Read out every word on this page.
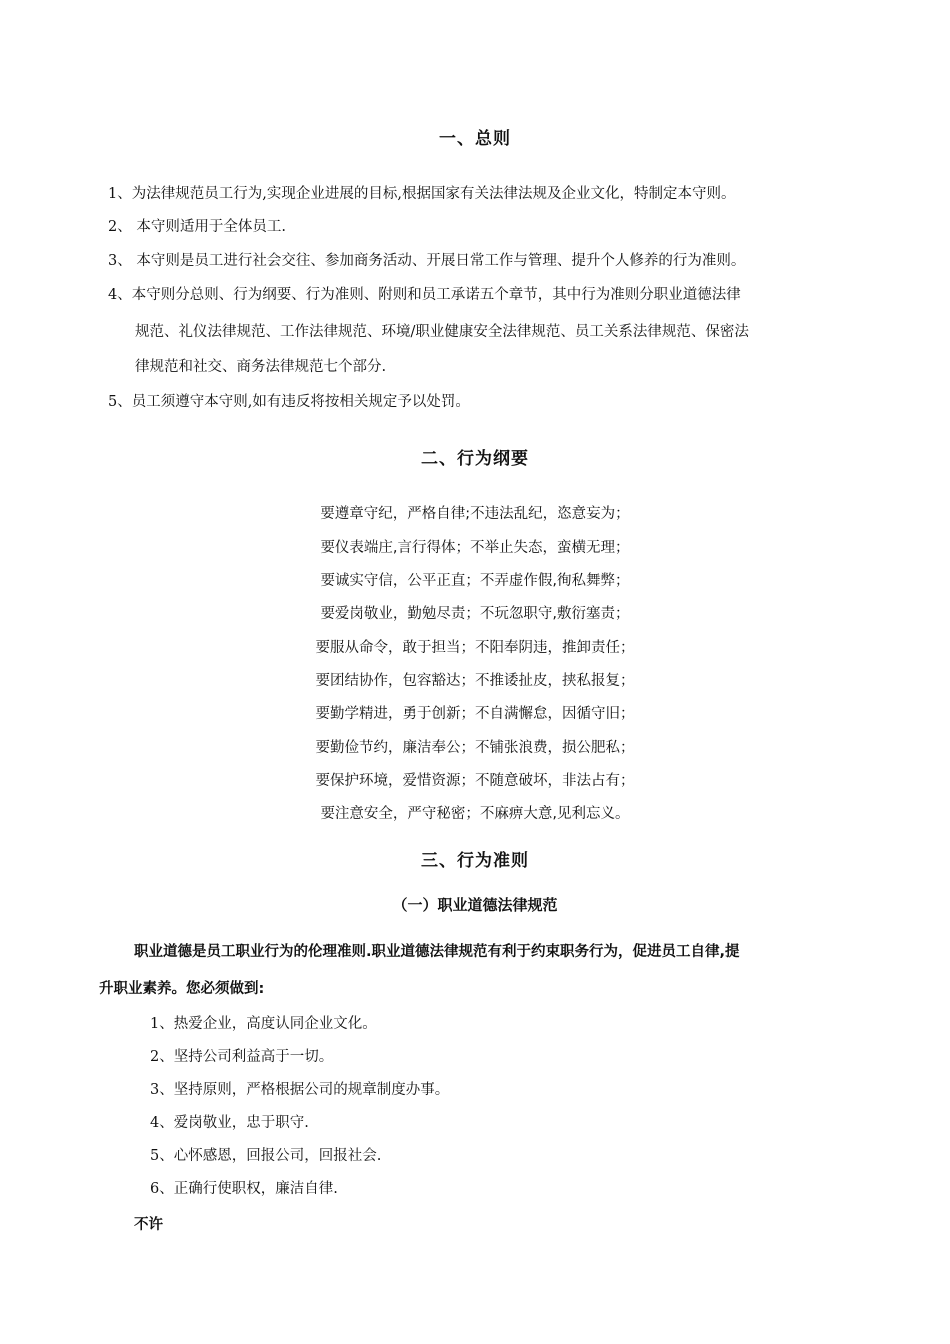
一、总则
1、为法律规范员工行为,实现企业进展的目标,根据国家有关法律法规及企业文化，特制定本守则。
2、 本守则适用于全体员工.
3、 本守则是员工进行社会交往、参加商务活动、开展日常工作与管理、提升个人修养的行为准则。
4、本守则分总则、行为纲要、行为准则、附则和员工承诺五个章节，其中行为准则分职业道德法律
规范、礼仪法律规范、工作法律规范、环境/职业健康安全法律规范、员工关系法律规范、保密法
律规范和社交、商务法律规范七个部分.
5、员工须遵守本守则,如有违反将按相关规定予以处罚。
二、行为纲要
要遵章守纪，严格自律;不违法乱纪，恣意妄为；
要仪表端庄,言行得体；不举止失态，蛮横无理；
要诚实守信，公平正直；不弄虚作假,徇私舞弊；
要爱岗敬业，勤勉尽责；不玩忽职守,敷衍塞责；
要服从命令，敢于担当；不阳奉阴违，推卸责任；
要团结协作，包容豁达；不推诿扯皮，挟私报复；
要勤学精进，勇于创新；不自满懈怠，因循守旧；
要勤俭节约，廉洁奉公；不铺张浪费，损公肥私；
要保护环境，爱惜资源；不随意破坏，非法占有；
要注意安全，严守秘密；不麻痹大意,见利忘义。
三、行为准则
（一）职业道德法律规范
职业道德是员工职业行为的伦理准则.职业道德法律规范有利于约束职务行为，促进员工自律,提
升职业素养。您必须做到:
1、热爱企业，高度认同企业文化。
2、坚持公司利益高于一切。
3、坚持原则，严格根据公司的规章制度办事。
4、爱岗敬业，忠于职守.
5、心怀感恩，回报公司，回报社会.
6、正确行使职权，廉洁自律.
不许
